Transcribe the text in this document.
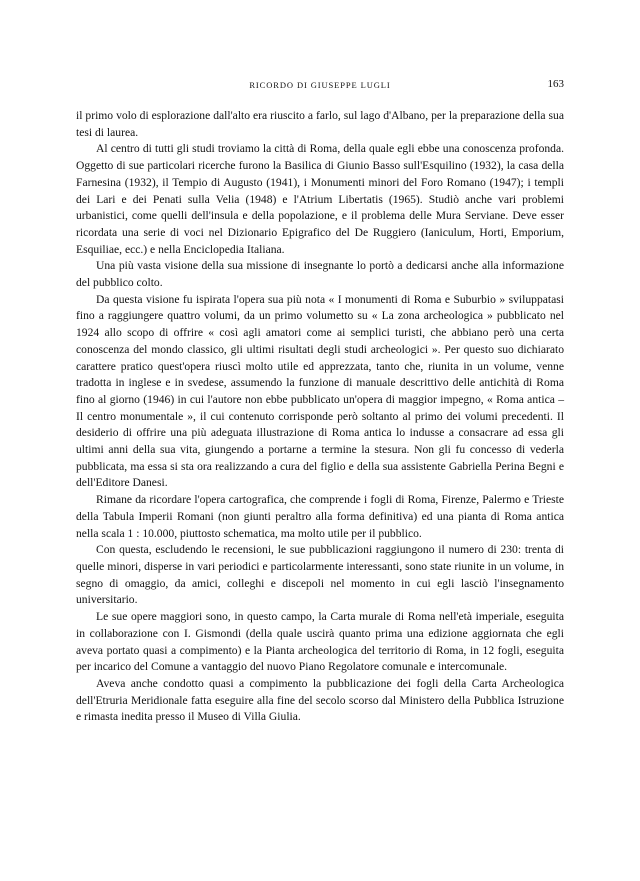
RICORDO DI GIUSEPPE LUGLI	163

il primo volo di esplorazione dall'alto era riuscito a farlo, sul lago d'Albano, per la preparazione della sua tesi di laurea.

Al centro di tutti gli studi troviamo la città di Roma, della quale egli ebbe una conoscenza profonda. Oggetto di sue particolari ricerche furono la Basilica di Giunio Basso sull'Esquilino (1932), la casa della Farnesina (1932), il Tempio di Augusto (1941), i Monumenti minori del Foro Romano (1947); i templi dei Lari e dei Penati sulla Velia (1948) e l'Atrium Libertatis (1965). Studiò anche vari problemi urbanistici, come quelli dell'insula e della popolazione, e il problema delle Mura Serviane. Deve esser ricordata una serie di voci nel Dizionario Epigrafico del De Ruggiero (Ianiculum, Horti, Emporium, Esquiliae, ecc.) e nella Enciclopedia Italiana.

Una più vasta visione della sua missione di insegnante lo portò a dedicarsi anche alla informazione del pubblico colto.

Da questa visione fu ispirata l'opera sua più nota « I monumenti di Roma e Suburbio » sviluppatasi fino a raggiungere quattro volumi, da un primo volumetto su « La zona archeologica » pubblicato nel 1924 allo scopo di offrire « così agli amatori come ai semplici turisti, che abbiano però una certa conoscenza del mondo classico, gli ultimi risultati degli studi archeologici ». Per questo suo dichiarato carattere pratico quest'opera riuscì molto utile ed apprezzata, tanto che, riunita in un volume, venne tradotta in inglese e in svedese, assumendo la funzione di manuale descrittivo delle antichità di Roma fino al giorno (1946) in cui l'autore non ebbe pubblicato un'opera di maggior impegno, « Roma antica – Il centro monumentale », il cui contenuto corrisponde però soltanto al primo dei volumi precedenti. Il desiderio di offrire una più adeguata illustrazione di Roma antica lo indusse a consacrare ad essa gli ultimi anni della sua vita, giungendo a portarne a termine la stesura. Non gli fu concesso di vederla pubblicata, ma essa si sta ora realizzando a cura del figlio e della sua assistente Gabriella Perina Begni e dell'Editore Danesi.

Rimane da ricordare l'opera cartografica, che comprende i fogli di Roma, Firenze, Palermo e Trieste della Tabula Imperii Romani (non giunti peraltro alla forma definitiva) ed una pianta di Roma antica nella scala 1 : 10.000, piuttosto schematica, ma molto utile per il pubblico.

Con questa, escludendo le recensioni, le sue pubblicazioni raggiungono il numero di 230: trenta di quelle minori, disperse in vari periodici e particolarmente interessanti, sono state riunite in un volume, in segno di omaggio, da amici, colleghi e discepoli nel momento in cui egli lasciò l'insegnamento universitario.

Le sue opere maggiori sono, in questo campo, la Carta murale di Roma nell'età imperiale, eseguita in collaborazione con I. Gismondi (della quale uscirà quanto prima una edizione aggiornata che egli aveva portato quasi a compimento) e la Pianta archeologica del territorio di Roma, in 12 fogli, eseguita per incarico del Comune a vantaggio del nuovo Piano Regolatore comunale e intercomunale.

Aveva anche condotto quasi a compimento la pubblicazione dei fogli della Carta Archeologica dell'Etruria Meridionale fatta eseguire alla fine del secolo scorso dal Ministero della Pubblica Istruzione e rimasta inedita presso il Museo di Villa Giulia.
